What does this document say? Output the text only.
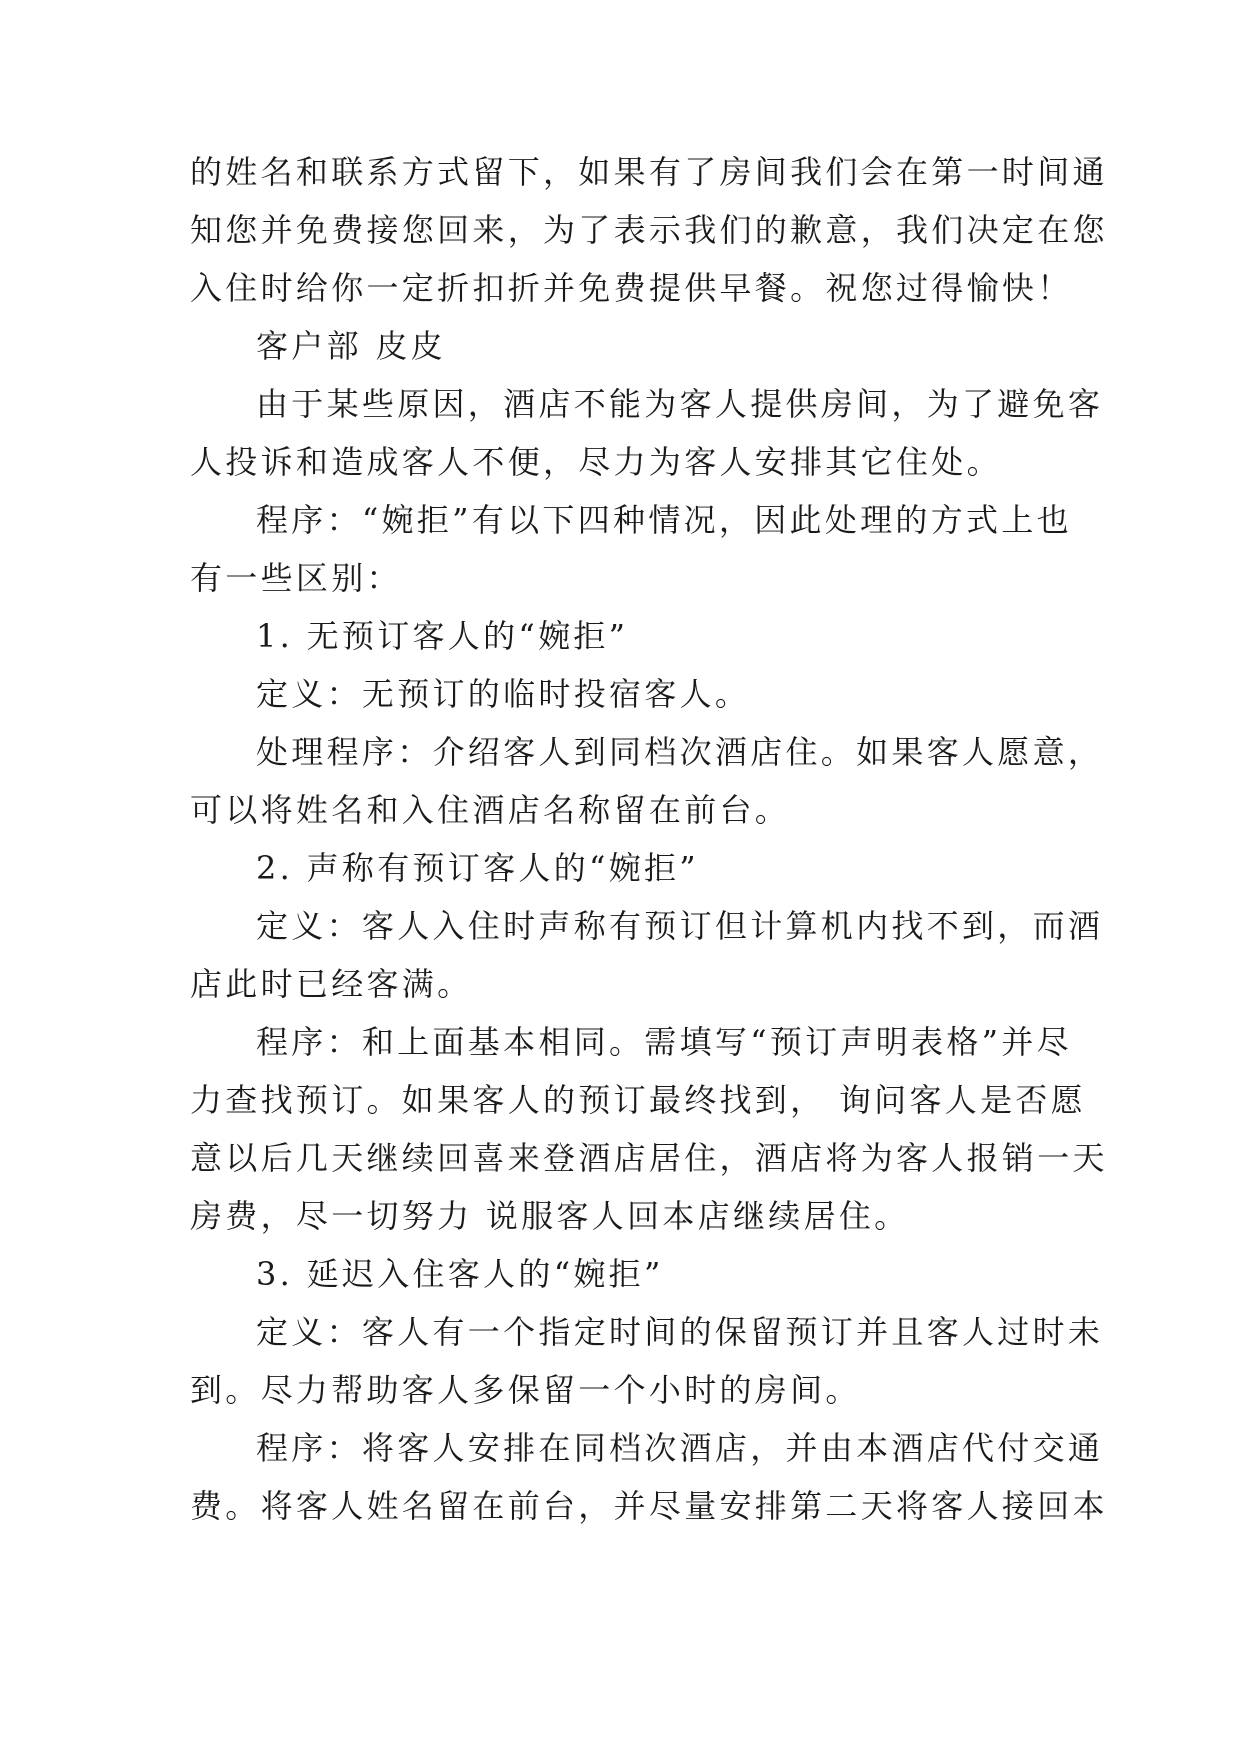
的姓名和联系方式留下，如果有了房间我们会在第一时间通

知您并免费接您回来，为了表示我们的歉意，我们决定在您

入住时给你一定折扣折并免费提供早餐。祝您过得愉快！

客户部 皮皮

由于某些原因，酒店不能为客人提供房间，为了避免客

人投诉和造成客人不便，尽力为客人安排其它住处。

程序：“婉拒”有以下四种情况，因此处理的方式上也

有一些区别：

1. 无预订客人的“婉拒”

定义：无预订的临时投宿客人。

处理程序：介绍客人到同档次酒店住。如果客人愿意，

可以将姓名和入住酒店名称留在前台。

2. 声称有预订客人的“婉拒”

定义：客人入住时声称有预订但计算机内找不到，而酒

店此时已经客满。

程序：和上面基本相同。需填写“预订声明表格”并尽

力查找预订。如果客人的预订最终找到， 询问客人是否愿

意以后几天继续回喜来登酒店居住，酒店将为客人报销一天

房费，尽一切努力 说服客人回本店继续居住。

3. 延迟入住客人的“婉拒”

定义：客人有一个指定时间的保留预订并且客人过时未

到。尽力帮助客人多保留一个小时的房间。

程序：将客人安排在同档次酒店，并由本酒店代付交通

费。将客人姓名留在前台，并尽量安排第二天将客人接回本
